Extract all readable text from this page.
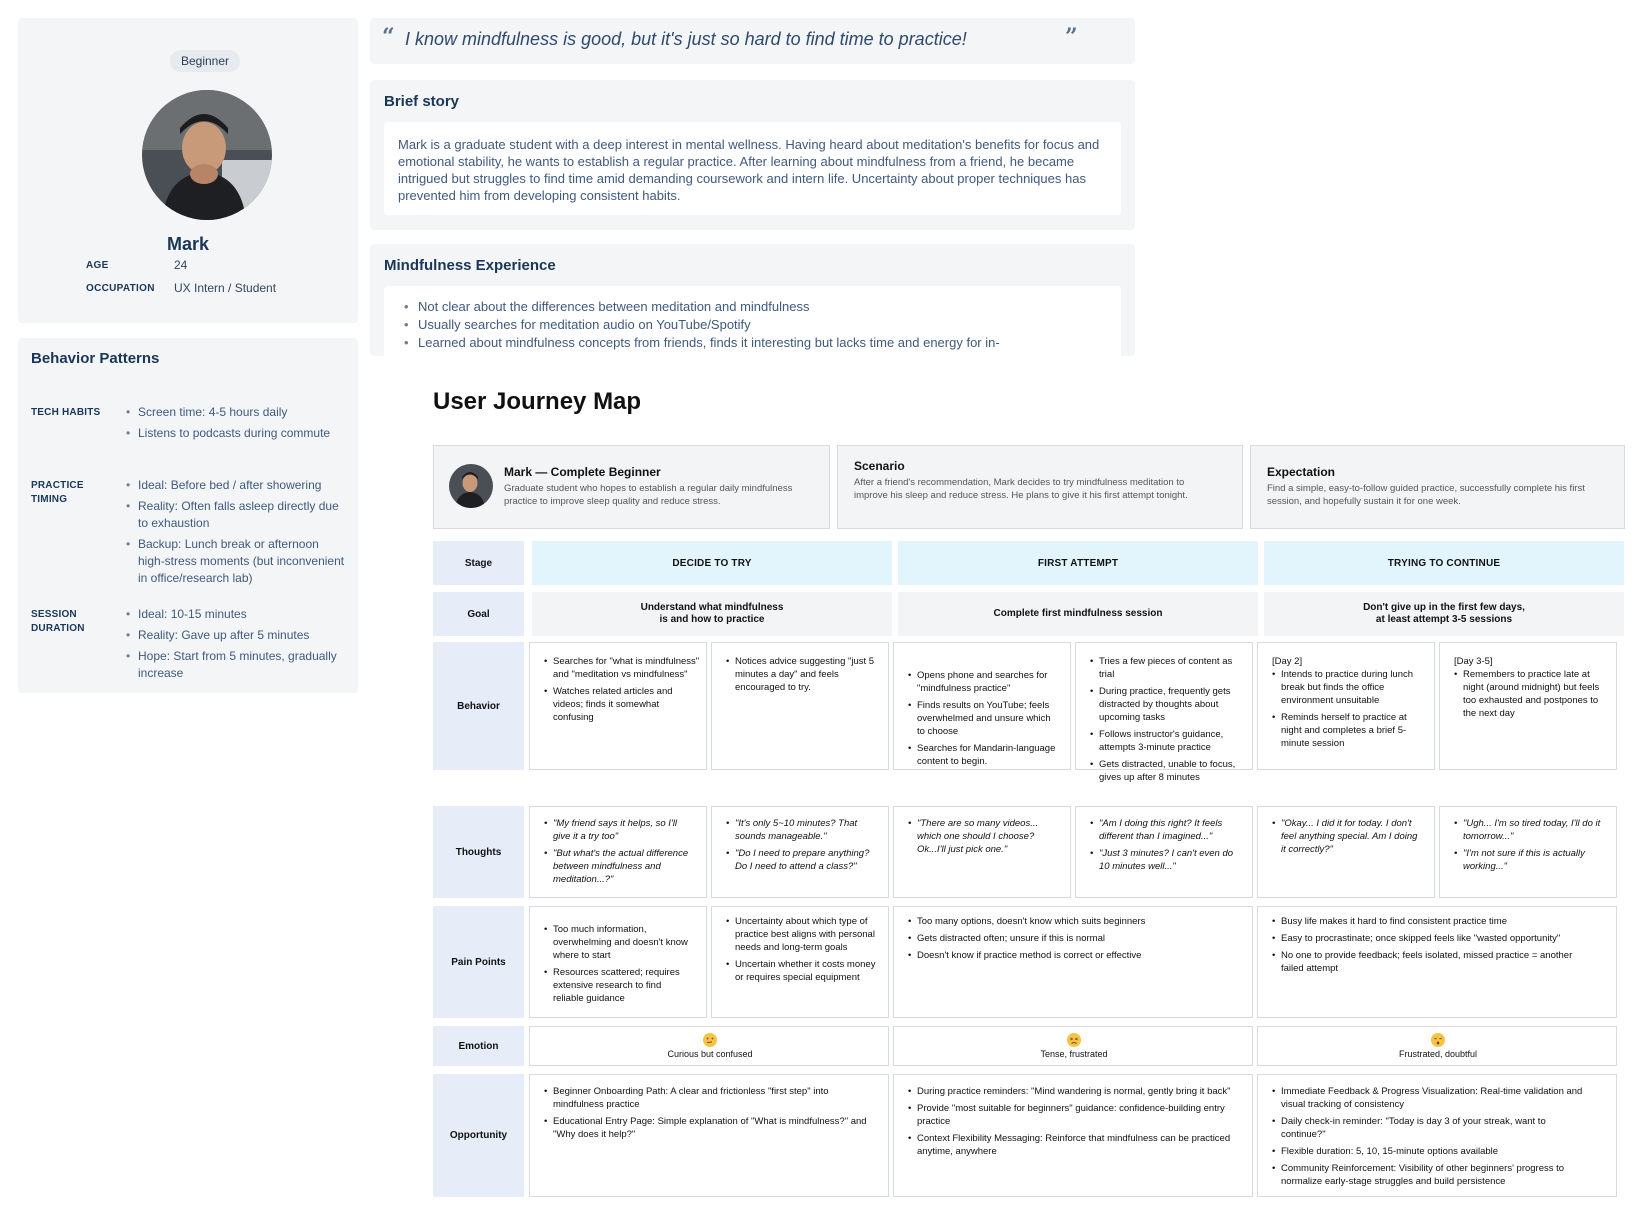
Beginner
Mark
AGE	24
OCCUPATION UX Intern / Student
Behavior Patterns
TECH HABITS
•	Screen time: 4-5 hours daily
• Listens to podcasts during commute
PRACTICE
TIMING
• Ideal: Before bed / after showering
• Reality: Often falls asleep directly due to exhaustion
• Backup: Lunch break or afternoon high-stress moments (but inconvenient in office/research lab)
SESSION
DURATION
• Ideal: 10-15 minutes
• Reality: Gave up after 5 minutes
• Hope: Start from 5 minutes, gradually increase
“ I know mindfulness is good, but it's just so hard to find time to practice!	”
Brief story
Mark is a graduate student with a deep interest in mental wellness. Having heard about meditation's benefits for focus and emotional stability, he wants to establish a regular practice. After learning about mindfulness from a friend, he became intrigued but struggles to find time amid demanding coursework and intern life. Uncertainty about proper techniques has prevented him from developing consistent habits.
Mindfulness Experience
• Not clear about the differences between meditation and mindfulness
• Usually searches for meditation audio on YouTube/Spotify
• Learned about mindfulness concepts from friends, finds it interesting but lacks time and energy for in-
User Journey Map
Mark — Complete Beginner
Graduate student who hopes to establish a regular daily mindfulness practice to improve sleep quality and reduce stress.
Scenario
After a friend's recommendation, Mark decides to try mindfulness meditation to improve his sleep and reduce stress. He plans to give it his first attempt tonight.
Expectation
Find a simple, easy-to-follow guided practice, successfully complete his first session, and hopefully sustain it for one week.
Stage	DECIDE TO TRY	FIRST ATTEMPT	TRYING TO CONTINUE
Goal
Understand what mindfulness
is and how to practice
Complete first mindfulness session
Don't give up in the first few days,
at least attempt 3-5 sessions
Behavior
• Searches for "what is mindfulness" and "meditation vs mindfulness"
• Watches related articles and videos; finds it somewhat confusing
• Notices advice suggesting "just 5 minutes a day" and feels encouraged to try.
• Opens phone and searches for "mindfulness practice"
• Finds results on YouTube; feels overwhelmed and unsure which to choose
• Searches for Mandarin-language content to begin.
• Tries a few pieces of content as trial
• During practice, frequently gets distracted by thoughts about upcoming tasks
• Follows instructor's guidance, attempts 3-minute practice
• Gets distracted, unable to focus, gives up after 8 minutes
[Day 2]
• Intends to practice during lunch break but finds the office environment unsuitable
• Reminds herself to practice at night and completes a brief 5-minute session
[Day 3-5]
• Remembers to practice late at night (around midnight) but feels too exhausted and postpones to the next day
Thoughts
• "My friend says it helps, so I'll give it a try too"
• "But what's the actual difference between mindfulness and meditation...?"
• "It's only 5~10 minutes? That sounds manageable."
• "Do I need to prepare anything? Do I need to attend a class?"
• "There are so many videos... which one should I choose? Ok...I'll just pick one."
• "Am I doing this right? It feels different than I imagined..."
• "Just 3 minutes? I can't even do 10 minutes well..."
• "Okay... I did it for today. I don't feel anything special. Am I doing it correctly?"
• "Ugh... I'm so tired today, I'll do it tomorrow..."
• "I'm not sure if this is actually working..."
Pain Points
• Too much information, overwhelming and doesn't know where to start
• Resources scattered; requires extensive research to find reliable guidance
• Uncertainty about which type of practice best aligns with personal needs and long-term goals
• Uncertain whether it costs money or requires special equipment
• Too many options, doesn't know which suits beginners
• Gets distracted often; unsure if this is normal
• Doesn't know if practice method is correct or effective
• Busy life makes it hard to find consistent practice time
• Easy to procrastinate; once skipped feels like "wasted opportunity"
• No one to provide feedback; feels isolated, missed practice = another failed attempt
Emotion
Curious but confused	Tense, frustrated	Frustrated, doubtful
Opportunity
• Beginner Onboarding Path: A clear and frictionless "first step" into mindfulness practice
• Educational Entry Page: Simple explanation of "What is mindfulness?" and "Why does it help?"
• During practice reminders: "Mind wandering is normal, gently bring it back"
• Provide "most suitable for beginners" guidance: confidence-building entry practice
• Context Flexibility Messaging: Reinforce that mindfulness can be practiced anytime, anywhere
• Immediate Feedback & Progress Visualization: Real-time validation and visual tracking of consistency
• Daily check-in reminder: "Today is day 3 of your streak, want to continue?"
• Flexible duration: 5, 10, 15-minute options available
• Community Reinforcement: Visibility of other beginners' progress to normalize early-stage struggles and build persistence
